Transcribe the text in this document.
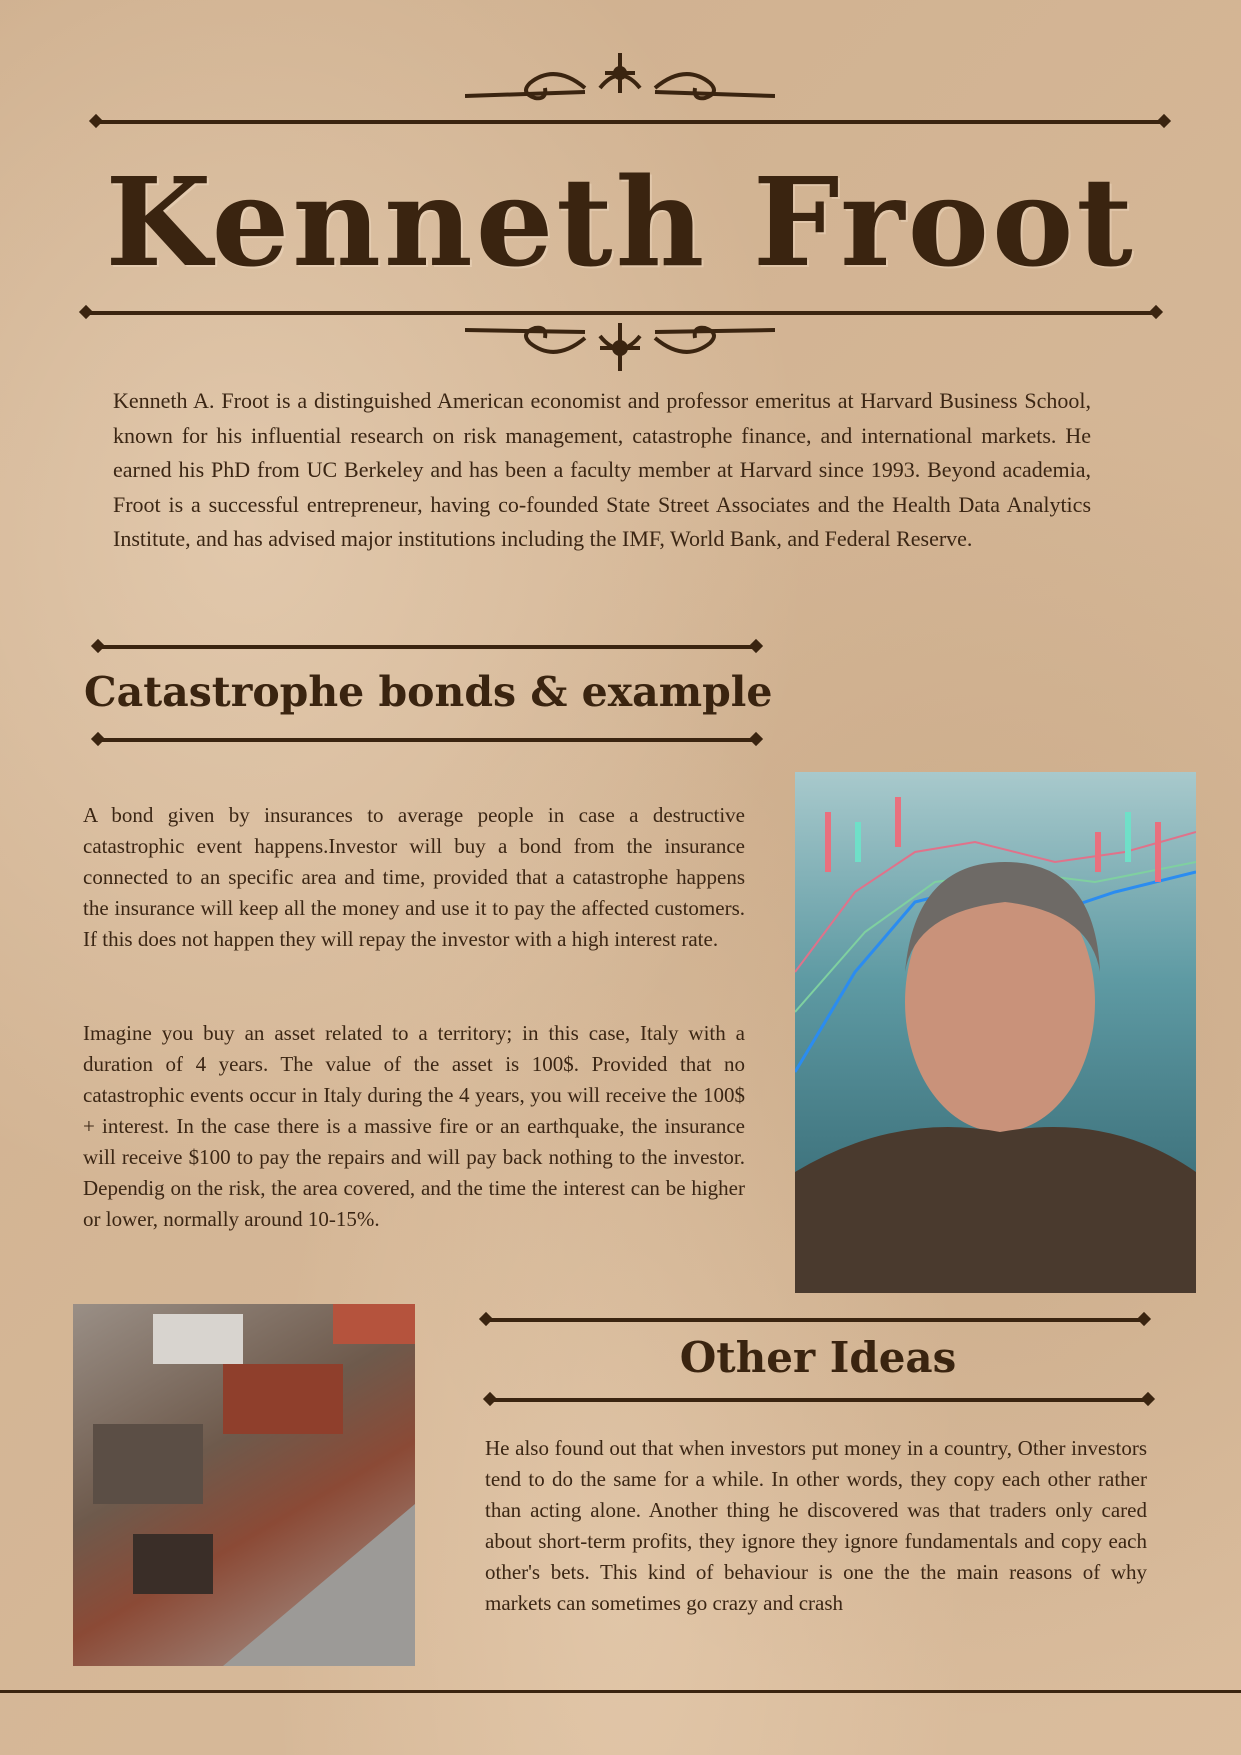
Kenneth Froot

Kenneth A. Froot is a distinguished American economist and professor emeritus at Harvard Business School, known for his influential research on risk management, catastrophe finance, and international markets. He earned his PhD from UC Berkeley and has been a faculty member at Harvard since 1993. Beyond academia, Froot is a successful entrepreneur, having co-founded State Street Associates and the Health Data Analytics Institute, and has advised major institutions including the IMF, World Bank, and Federal Reserve.

Catastrophe bonds & example

A bond given by insurances to average people in case a destructive catastrophic event happens.Investor will buy a bond from the insurance connected to an specific area and time, provided that a catastrophe happens the insurance will keep all the money and use it to pay the affected customers. If this does not happen they will repay the investor with a high interest rate.

Imagine you buy an asset related to a territory; in this case, Italy with a duration of 4 years. The value of the asset is 100$. Provided that no catastrophic events occur in Italy during the 4 years, you will receive the 100$ + interest. In the case there is a massive fire or an earthquake, the insurance will receive $100 to pay the repairs and will pay back nothing to the investor. Dependig on the risk, the area covered, and the time the interest can be higher or lower, normally around 10-15%.

Other Ideas

He also found out that when investors put money in a country, Other investors tend to do the same for a while. In other words, they copy each other rather than acting alone. Another thing he discovered was that traders only cared about short-term profits, they ignore they ignore fundamentals and copy each other's bets. This kind of behaviour is one the the main reasons of why markets can sometimes go crazy and crash
